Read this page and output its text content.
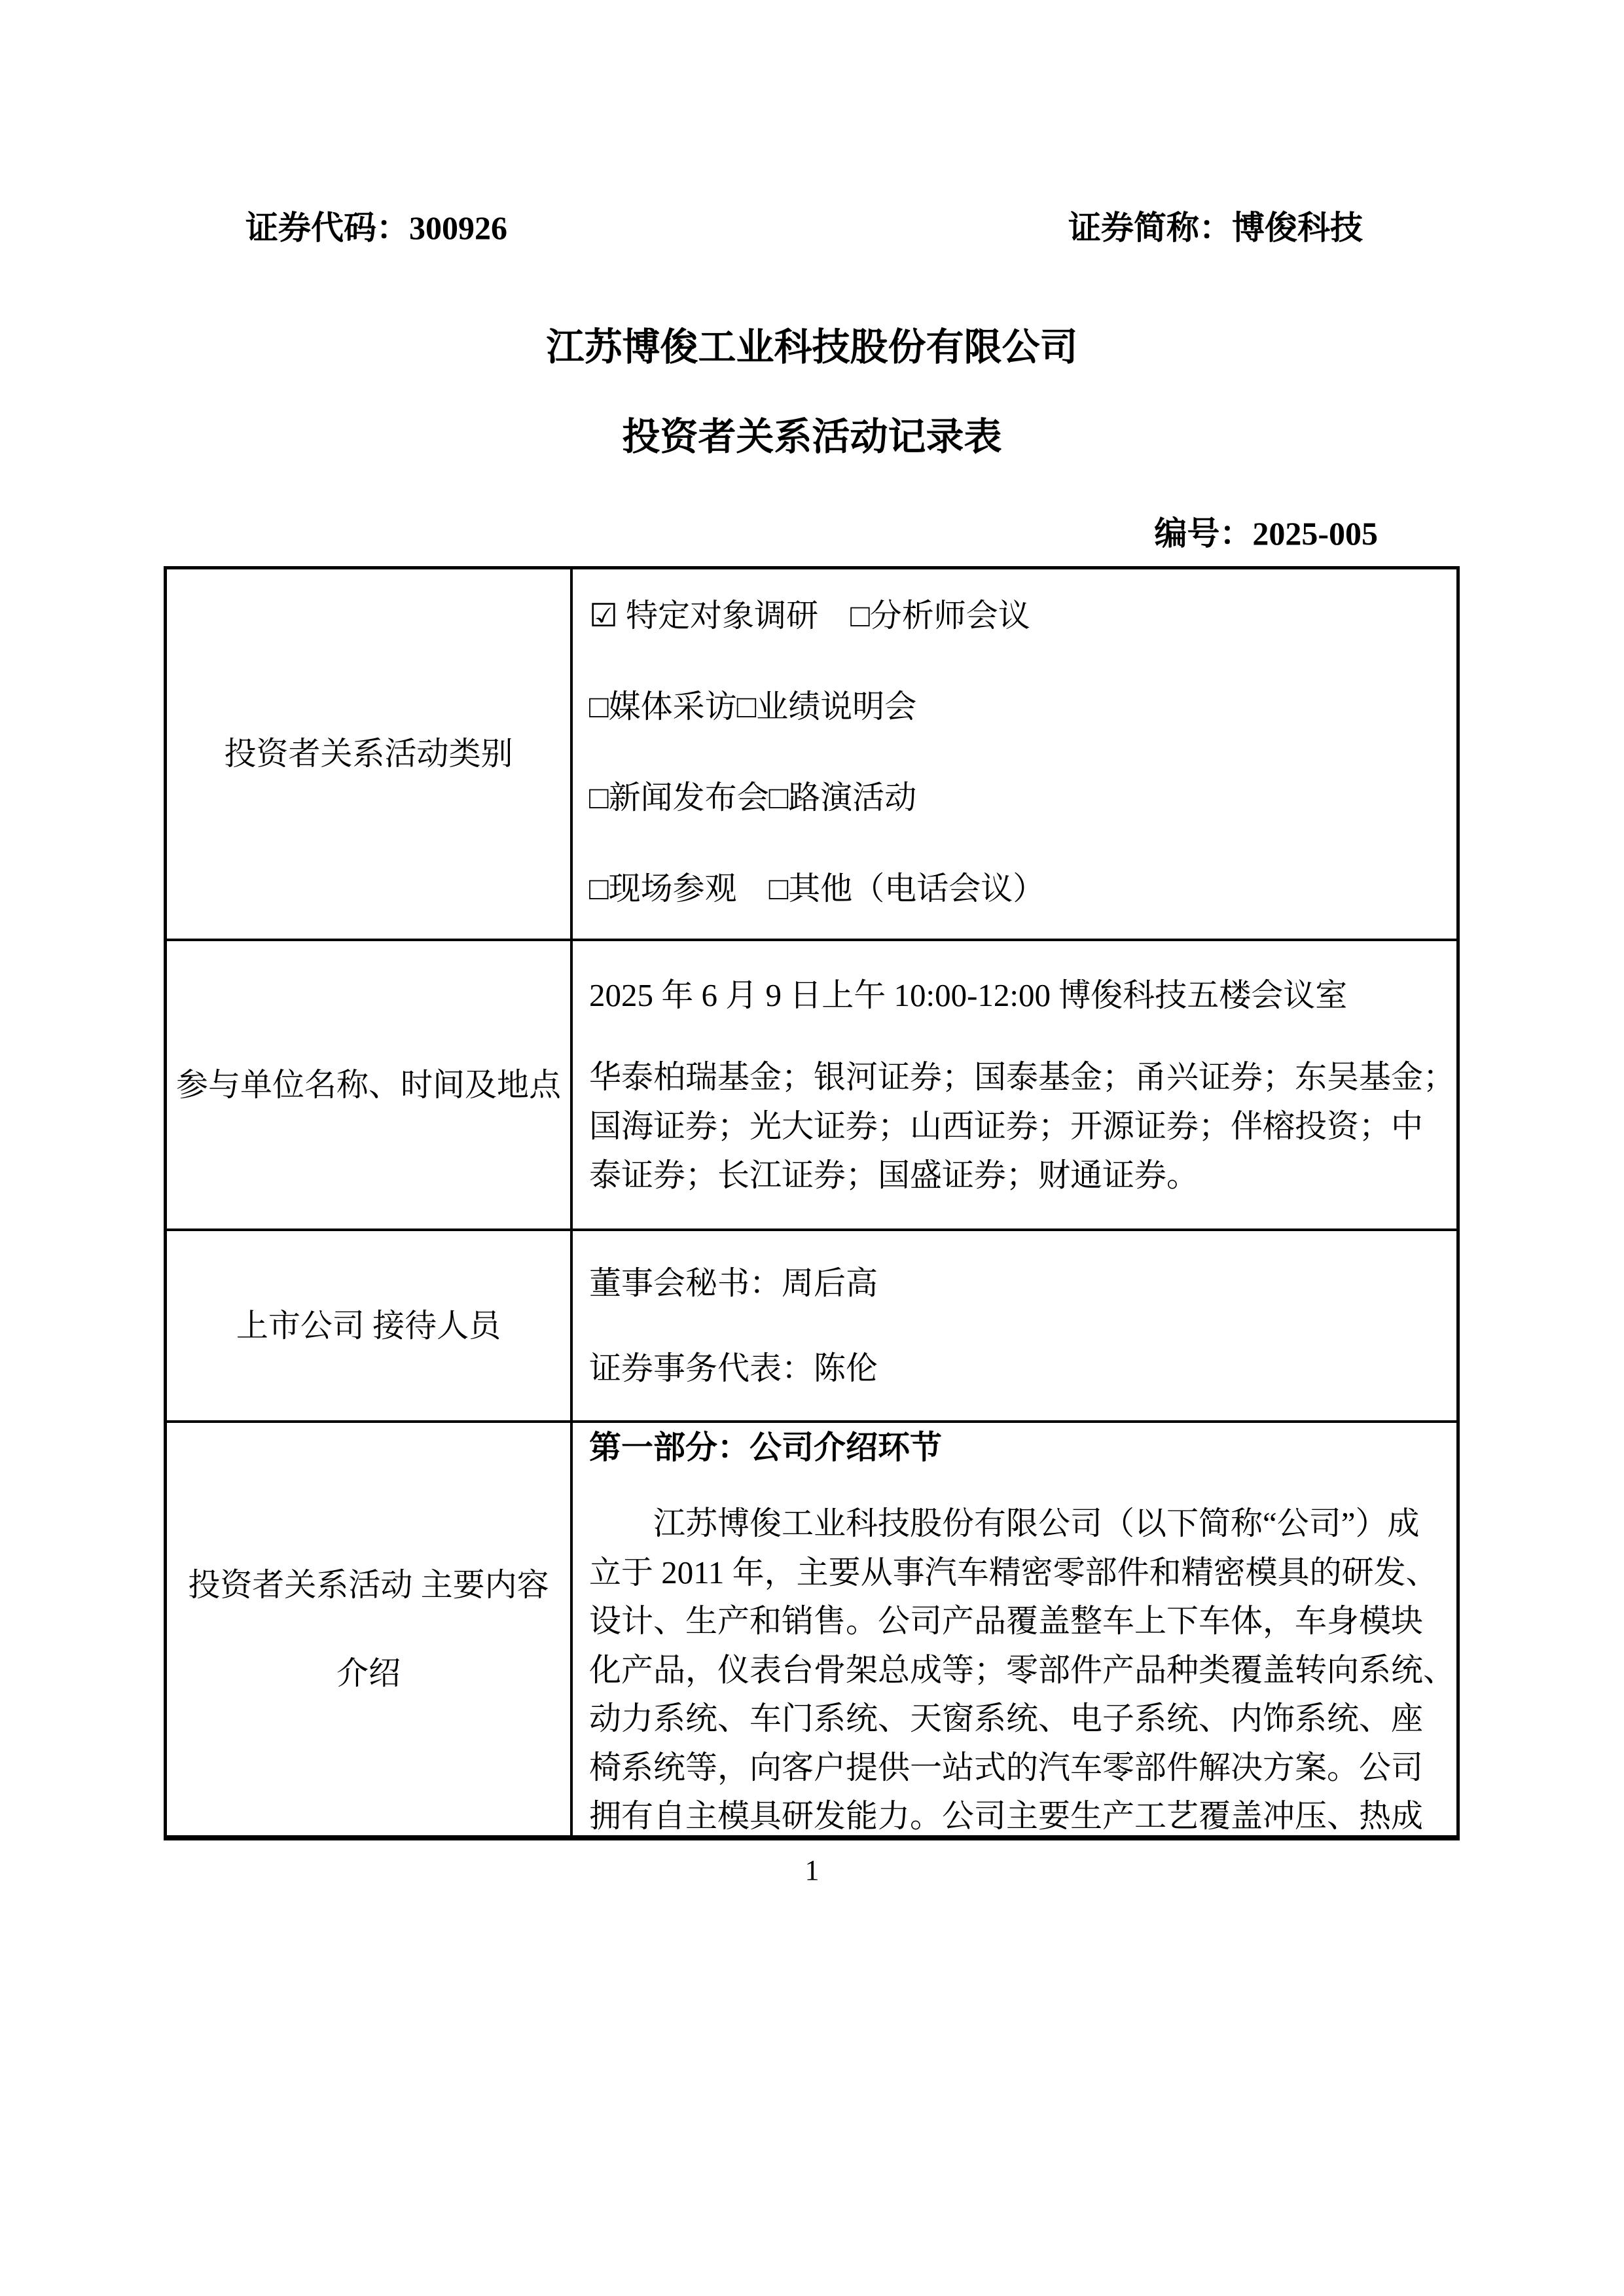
证券代码：300926	证券简称：博俊科技
江苏博俊工业科技股份有限公司
投资者关系活动记录表
编号：2025-005
投资者关系活动类别
☑ 特定对象调研　□分析师会议
□媒体采访□业绩说明会
□新闻发布会□路演活动
□现场参观　□其他（电话会议）
参与单位名称、时间及地点
2025 年 6 月 9 日上午 10:00-12:00 博俊科技五楼会议室
华泰柏瑞基金；银河证券；国泰基金；甬兴证券；东吴基金；
国海证券；光大证券；山西证券；开源证券；伴榕投资；中
泰证券；长江证券；国盛证券；财通证券。
上市公司 接待人员
董事会秘书：周后高
证券事务代表：陈伦
投资者关系活动 主要内容
介绍
第一部分：公司介绍环节
江苏博俊工业科技股份有限公司（以下简称“公司”）成
立于 2011 年，主要从事汽车精密零部件和精密模具的研发、
设计、生产和销售。公司产品覆盖整车上下车体，车身模块
化产品，仪表台骨架总成等；零部件产品种类覆盖转向系统、
动力系统、车门系统、天窗系统、电子系统、内饰系统、座
椅系统等，向客户提供一站式的汽车零部件解决方案。公司
拥有自主模具研发能力。公司主要生产工艺覆盖冲压、热成
1
